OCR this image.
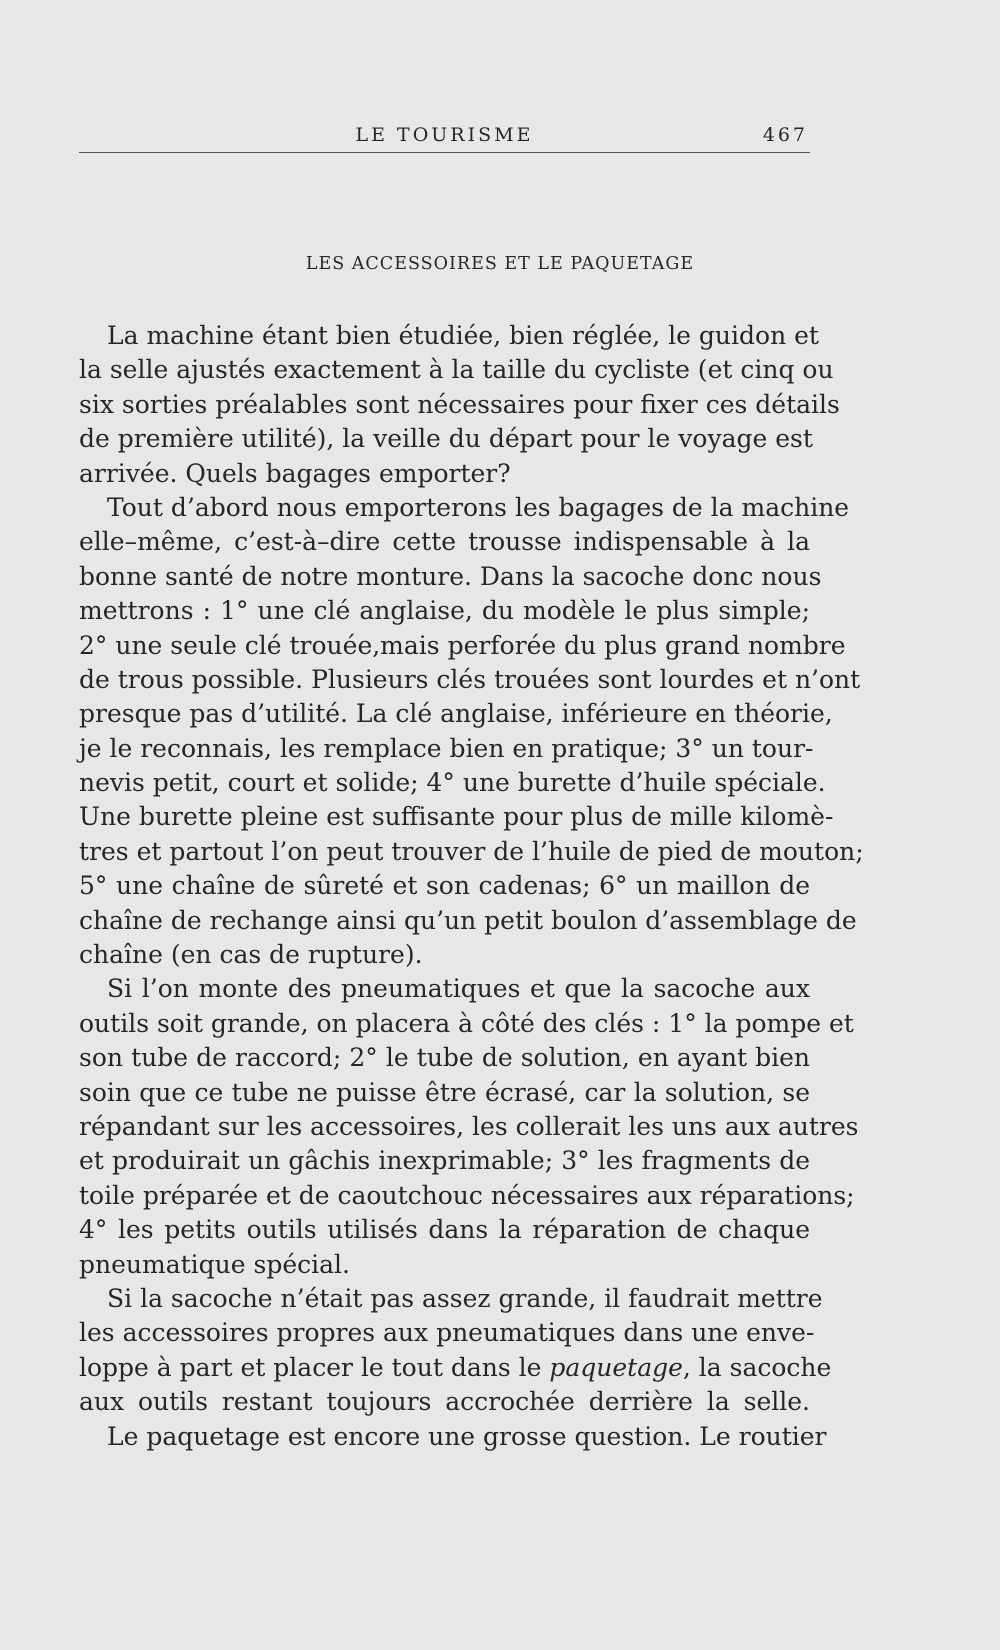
LE TOURISME	467
LES ACCESSOIRES ET LE PAQUETAGE
La machine étant bien étudiée, bien réglée, le guidon et
la selle ajustés exactement à la taille du cycliste (et cinq ou
six sorties préalables sont nécessaires pour fixer ces détails
de première utilité), la veille du départ pour le voyage est
arrivée. Quels bagages emporter?
Tout d’abord nous emporterons les bagages de la machine
elle–même, c’est-à–dire cette trousse indispensable à la
bonne santé de notre monture. Dans la sacoche donc nous
mettrons : 1° une clé anglaise, du modèle le plus simple;
2° une seule clé trouée,mais perforée du plus grand nombre
de trous possible. Plusieurs clés trouées sont lourdes et n’ont
presque pas d’utilité. La clé anglaise, inférieure en théorie,
je le reconnais, les remplace bien en pratique; 3° un tour-
nevis petit, court et solide; 4° une burette d’huile spéciale.
Une burette pleine est suffisante pour plus de mille kilomè-
tres et partout l’on peut trouver de l’huile de pied de mouton;
5° une chaîne de sûreté et son cadenas; 6° un maillon de
chaîne de rechange ainsi qu’un petit boulon d’assemblage de
chaîne (en cas de rupture).
Si l’on monte des pneumatiques et que la sacoche aux
outils soit grande, on placera à côté des clés : 1° la pompe et
son tube de raccord; 2° le tube de solution, en ayant bien
soin que ce tube ne puisse être écrasé, car la solution, se
répandant sur les accessoires, les collerait les uns aux autres
et produirait un gâchis inexprimable; 3° les fragments de
toile préparée et de caoutchouc nécessaires aux réparations;
4° les petits outils utilisés dans la réparation de chaque
pneumatique spécial.
Si la sacoche n’était pas assez grande, il faudrait mettre
les accessoires propres aux pneumatiques dans une enve-
loppe à part et placer le tout dans le paquetage, la sacoche
aux outils restant toujours accrochée derrière la selle.
Le paquetage est encore une grosse question. Le routier
